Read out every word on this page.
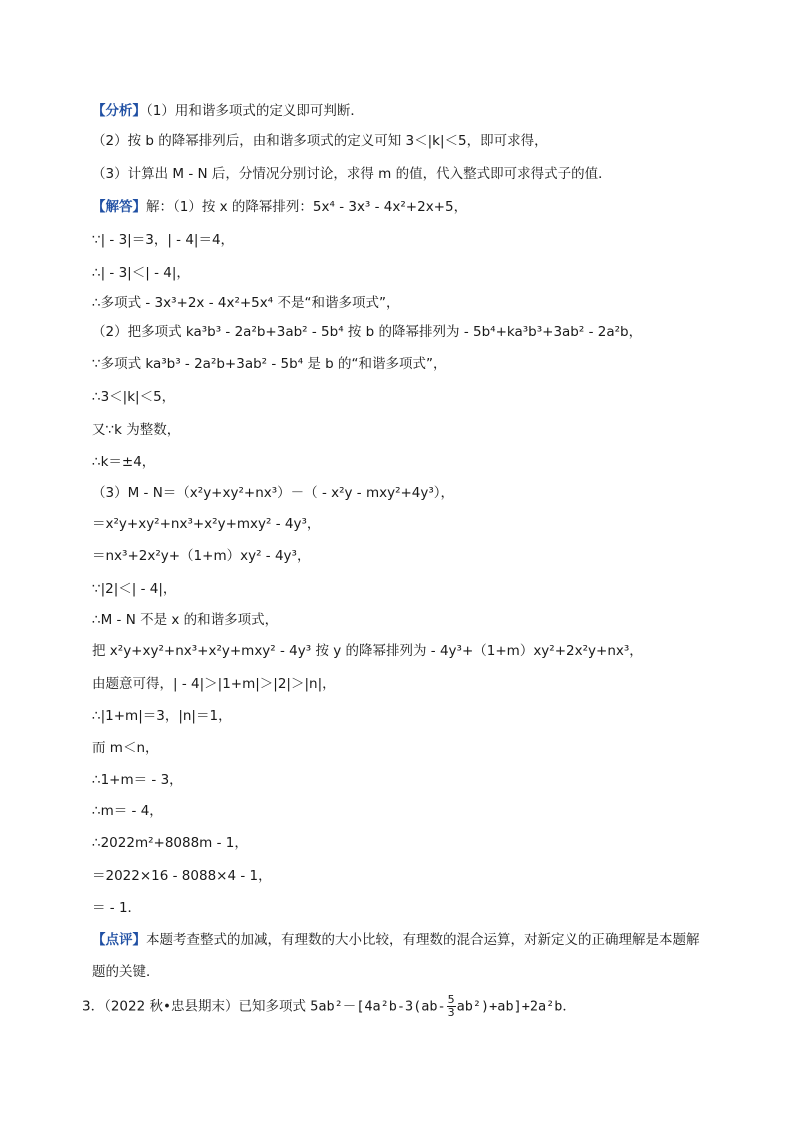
【分析】（1）用和谐多项式的定义即可判断．
（2）按 b 的降幂排列后，由和谐多项式的定义可知 3＜|k|＜5，即可求得，
（3）计算出 M - N 后，分情况分别讨论，求得 m 的值，代入整式即可求得式子的值．
【解答】解：（1）按 x 的降幂排列：5x⁴ - 3x³ - 4x²+2x+5，
∵| - 3|＝3，| - 4|＝4，
∴| - 3|＜| - 4|，
∴多项式 - 3x³+2x - 4x²+5x⁴ 不是“和谐多项式”，
（2）把多项式 ka³b³ - 2a²b+3ab² - 5b⁴ 按 b 的降幂排列为 - 5b⁴+ka³b³+3ab² - 2a²b，
∵多项式 ka³b³ - 2a²b+3ab² - 5b⁴ 是 b 的“和谐多项式”，
∴3＜|k|＜5，
又∵k 为整数，
∴k＝±4，
（3）M - N＝（x²y+xy²+nx³）－（ - x²y - mxy²+4y³），
＝x²y+xy²+nx³+x²y+mxy² - 4y³，
＝nx³+2x²y+（1+m）xy² - 4y³，
∵|2|＜| - 4|，
∴M - N 不是 x 的和谐多项式，
把 x²y+xy²+nx³+x²y+mxy² - 4y³ 按 y 的降幂排列为 - 4y³+（1+m）xy²+2x²y+nx³，
由题意可得，| - 4|＞|1+m|＞|2|＞|n|，
∴|1+m|＝3，|n|＝1，
而 m＜n，
∴1+m＝ - 3，
∴m＝ - 4，
∴2022m²+8088m - 1，
＝2022×16 - 8088×4 - 1，
＝ - 1．
【点评】本题考查整式的加减，有理数的大小比较，有理数的混合运算，对新定义的正确理解是本题解
题的关键．
3．（2022 秋•忠县期末）已知多项式 $5ab^2-[4a^2b-3(ab- \frac{5}{3} ab^2)+ab]+2a^2b$．
